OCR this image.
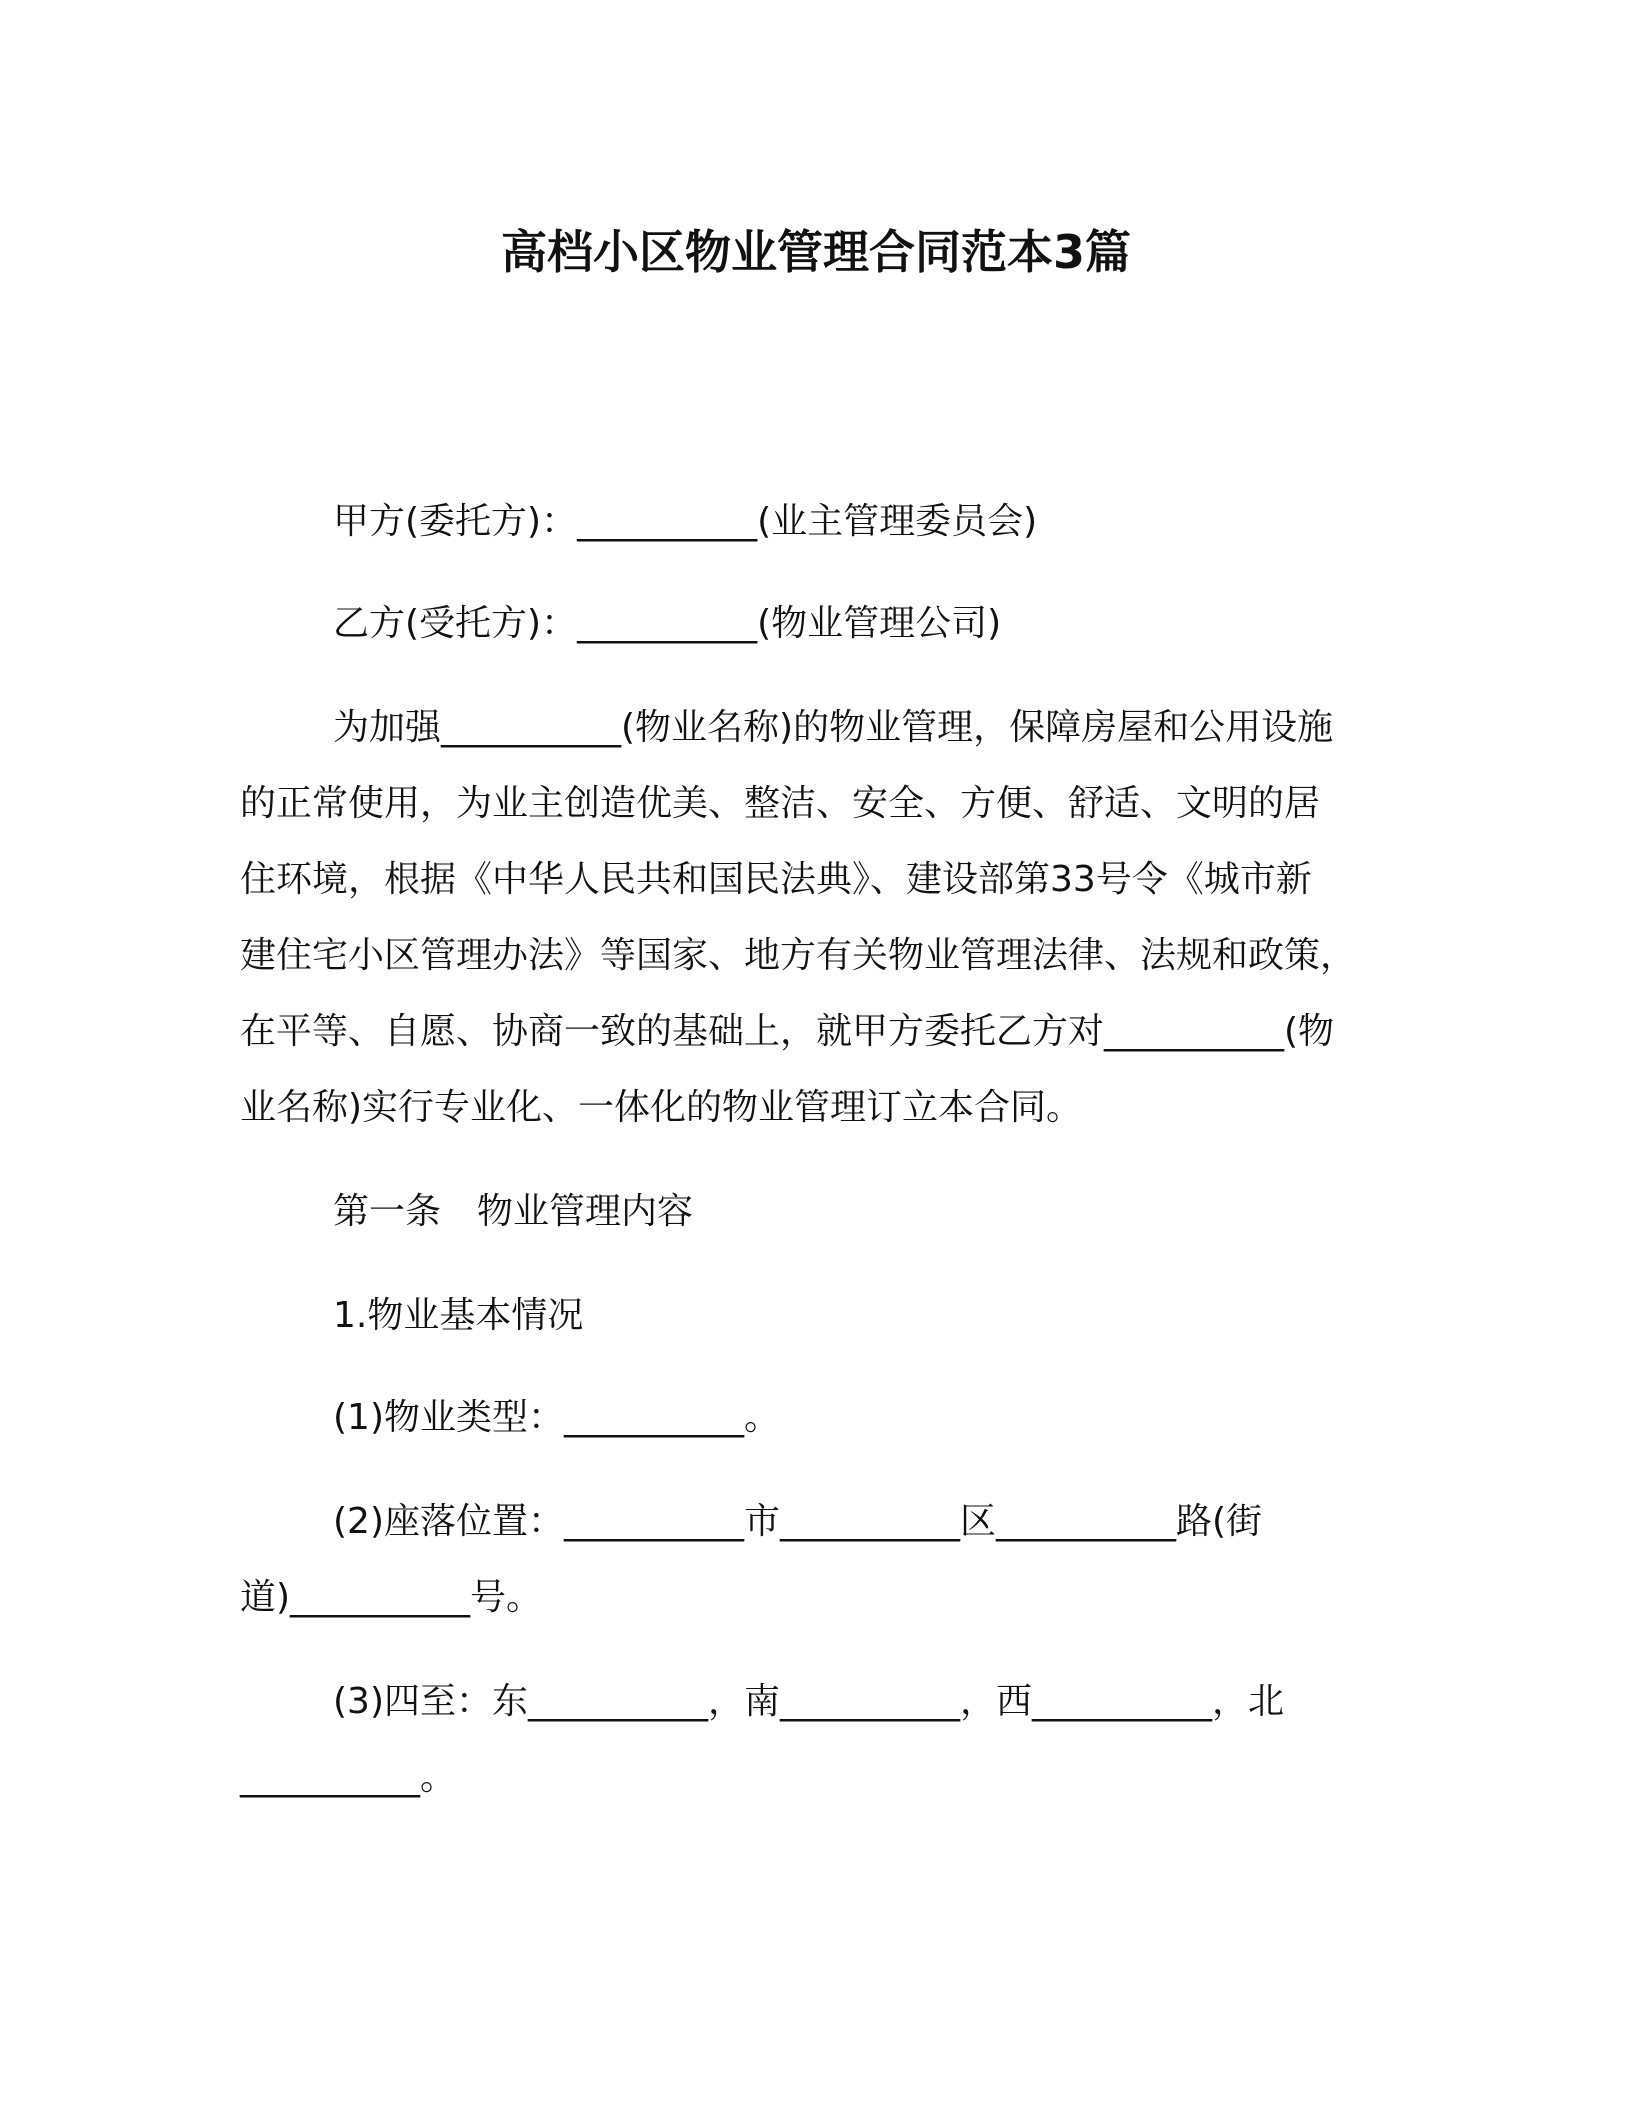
高档小区物业管理合同范本3篇
甲方(委托方)：__________(业主管理委员会)
乙方(受托方)：__________(物业管理公司)
为加强__________(物业名称)的物业管理，保障房屋和公用设施
的正常使用，为业主创造优美、整洁、安全、方便、舒适、文明的居
住环境，根据《中华人民共和国民法典》、建设部第33号令《城市新
建住宅小区管理办法》等国家、地方有关物业管理法律、法规和政策，
在平等、自愿、协商一致的基础上，就甲方委托乙方对__________(物
业名称)实行专业化、一体化的物业管理订立本合同。
第一条　物业管理内容
1.物业基本情况
(1)物业类型：__________。
(2)座落位置：__________市__________区__________路(街
道)__________号。
(3)四至：东__________，南__________，西__________，北
__________。
